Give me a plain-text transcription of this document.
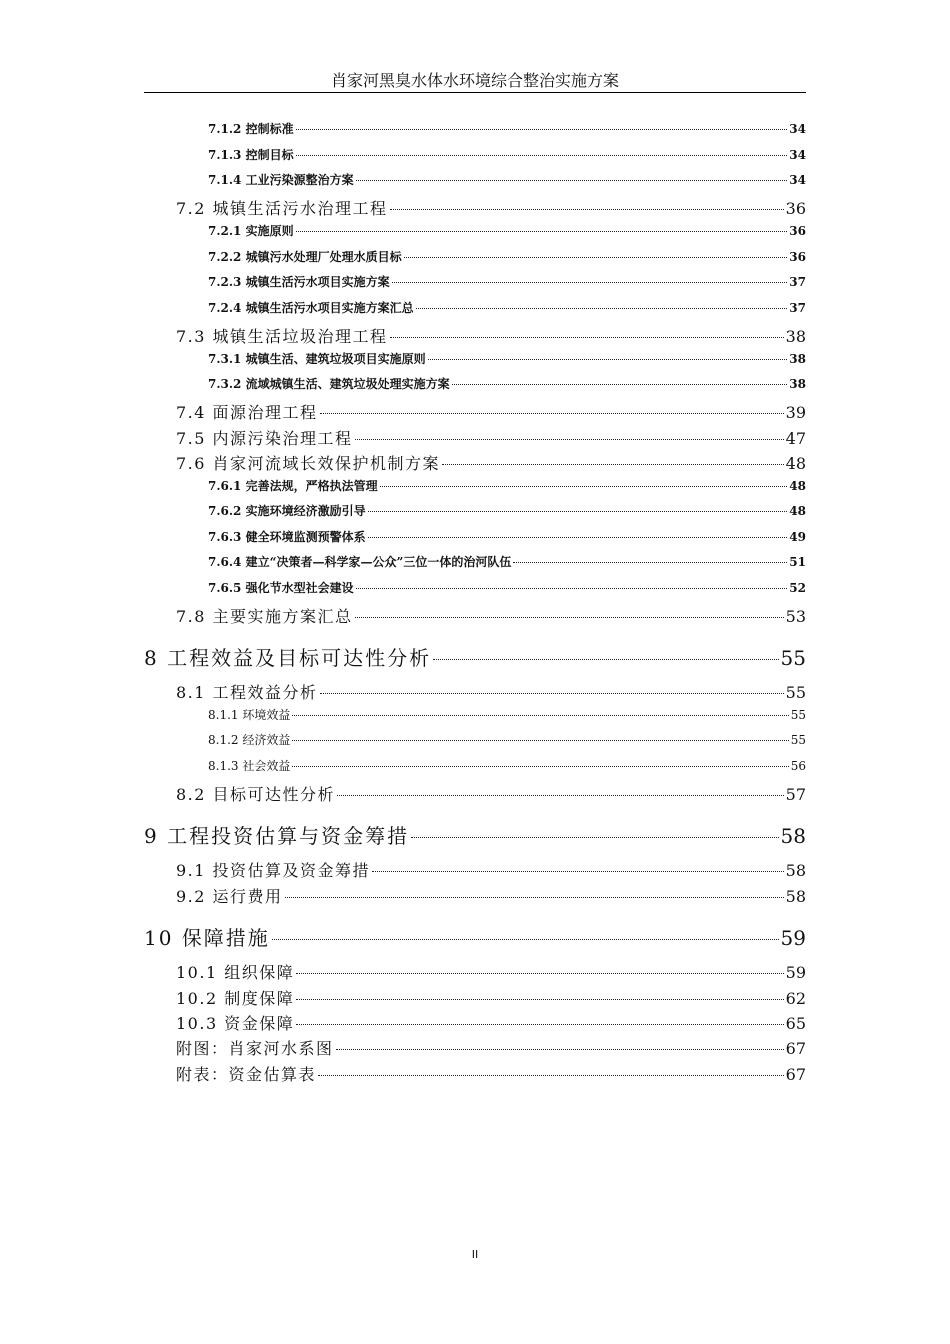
肖家河黑臭水体水环境综合整治实施方案
7.1.2 控制标准	34
7.1.3 控制目标	34
7.1.4 工业污染源整治方案	34
7.2 城镇生活污水治理工程	36
7.2.1 实施原则	36
7.2.2 城镇污水处理厂处理水质目标	36
7.2.3 城镇生活污水项目实施方案	37
7.2.4 城镇生活污水项目实施方案汇总	37
7.3 城镇生活垃圾治理工程	38
7.3.1 城镇生活、建筑垃圾项目实施原则	38
7.3.2 流域城镇生活、建筑垃圾处理实施方案	38
7.4 面源治理工程	39
7.5 内源污染治理工程	47
7.6 肖家河流域长效保护机制方案	48
7.6.1 完善法规，严格执法管理	48
7.6.2 实施环境经济激励引导	48
7.6.3 健全环境监测预警体系	49
7.6.4 建立“决策者—科学家—公众”三位一体的治河队伍	51
7.6.5 强化节水型社会建设	52
7.8 主要实施方案汇总	53
8 工程效益及目标可达性分析	55
8.1 工程效益分析	55
8.1.1 环境效益	55
8.1.2 经济效益	55
8.1.3 社会效益	56
8.2 目标可达性分析	57
9 工程投资估算与资金筹措	58
9.1 投资估算及资金筹措	58
9.2 运行费用	58
10 保障措施	59
10.1 组织保障	59
10.2 制度保障	62
10.3 资金保障	65
附图：肖家河水系图	67
附表：资金估算表	67
II
